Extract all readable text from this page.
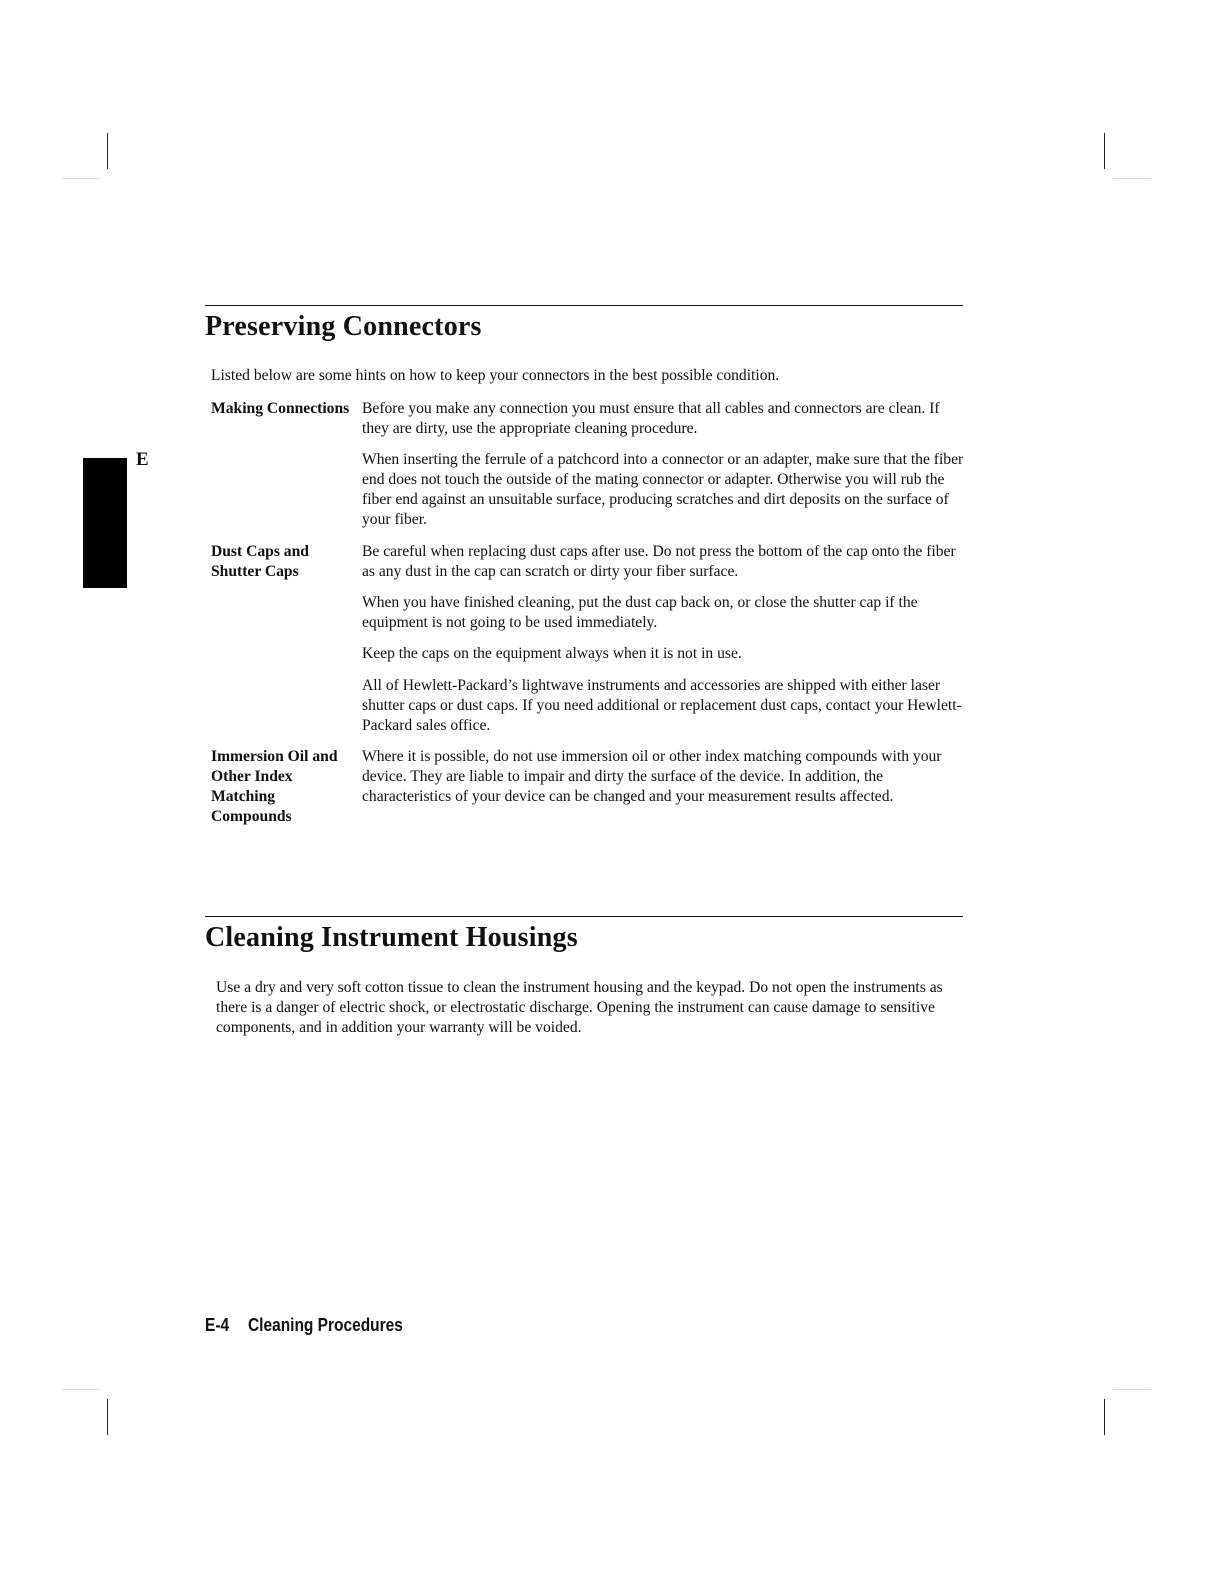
E
Preserving Connectors

Listed below are some hints on how to keep your connectors in the best possible condition.

Making Connections Before you make any connection you must ensure that all cables and connectors are clean. If they are dirty, use the appropriate cleaning procedure.

When inserting the ferrule of a patchcord into a connector or an adapter, make sure that the fiber end does not touch the outside of the mating connector or adapter. Otherwise you will rub the fiber end against an unsuitable surface, producing scratches and dirt deposits on the surface of your fiber.

Dust Caps and Shutter Caps

Be careful when replacing dust caps after use. Do not press the bottom of the cap onto the fiber as any dust in the cap can scratch or dirty your fiber surface.

When you have finished cleaning, put the dust cap back on, or close the shutter cap if the equipment is not going to be used immediately.

Keep the caps on the equipment always when it is not in use.

All of Hewlett-Packard’s lightwave instruments and accessories are shipped with either laser shutter caps or dust caps. If you need additional or replacement dust caps, contact your Hewlett-Packard sales office.

Immersion Oil and Other Index Matching Compounds

Where it is possible, do not use immersion oil or other index matching compounds with your device. They are liable to impair and dirty the surface of the device. In addition, the characteristics of your device can be changed and your measurement results affected.

Cleaning Instrument Housings

Use a dry and very soft cotton tissue to clean the instrument housing and the keypad. Do not open the instruments as there is a danger of electric shock, or electrostatic discharge. Opening the instrument can cause damage to sensitive components, and in addition your warranty will be voided.

E-4 Cleaning Procedures
